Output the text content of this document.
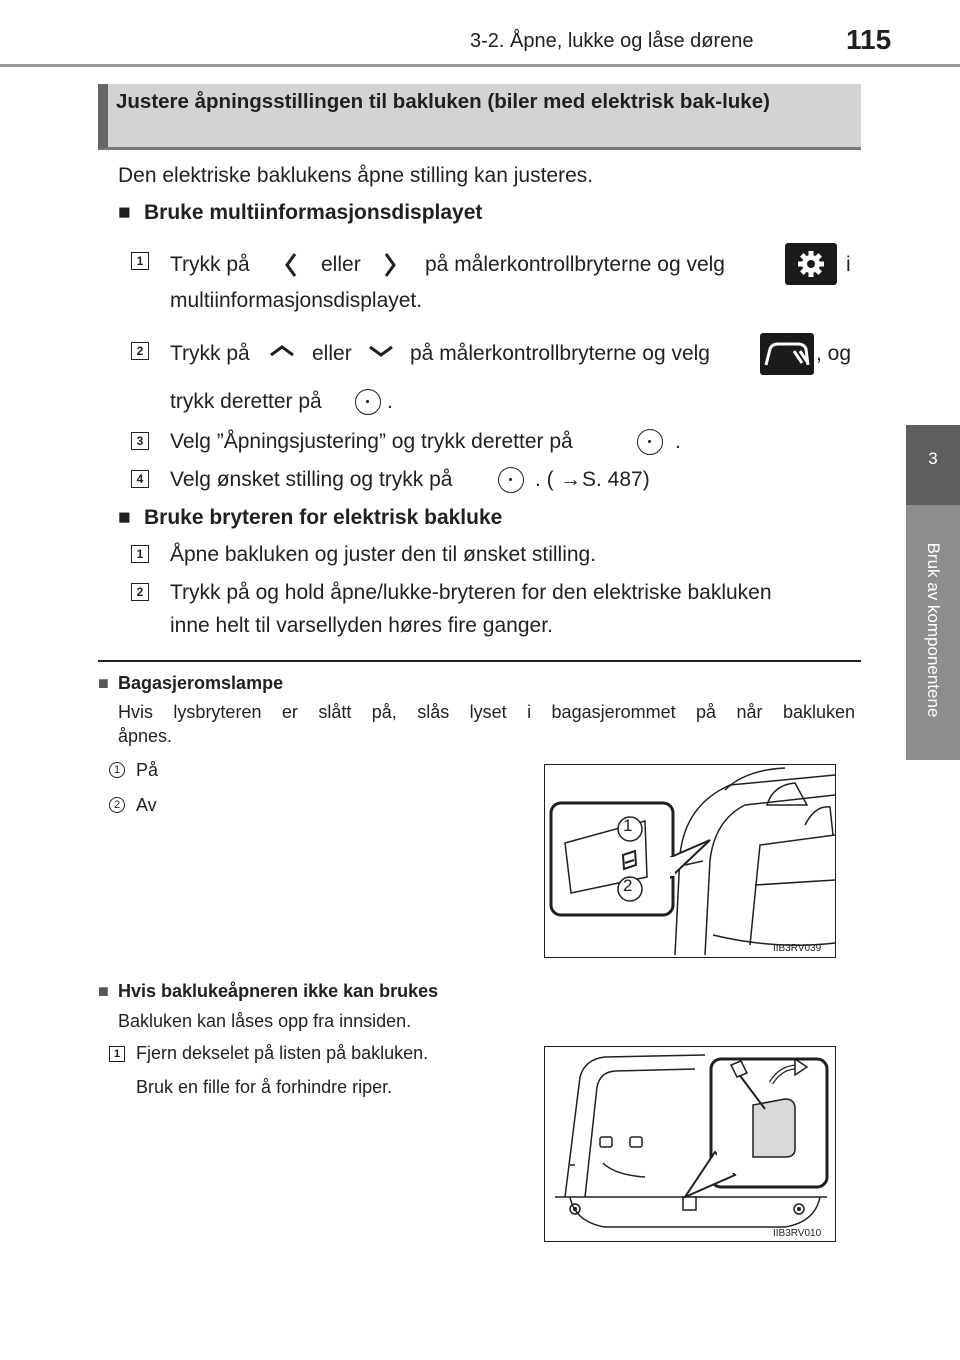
3-2. Åpne, lukke og låse dørene	115
3
Bruk av komponentene
Justere åpningsstillingen til bakluken (biler med elektrisk bak-luke)
Den elektriske baklukens åpne stilling kan justeres.
■ Bruke multiinformasjonsdisplayet
1 Trykk på	eller	på målerkontrollbryterne og velg	i
multiinformasjonsdisplayet.
2 Trykk på	eller	på målerkontrollbryterne og velg	, og
trykk deretter på	.
3 Velg ”Åpningsjustering” og trykk deretter på	.
4 Velg ønsket stilling og trykk på	. ( → S. 487)
■ Bruke bryteren for elektrisk bakluke
1 Åpne bakluken og juster den til ønsket stilling.
2 Trykk på og hold åpne/lukke-bryteren for den elektriske bakluken
inne helt til varsellyden høres fire ganger.
■ Bagasjeromslampe
Hvis lysbryteren er slått på, slås lyset i bagasjerommet på når bakluken
åpnes.
1 På
2 Av
1
2
IIB3RV039
■ Hvis baklukeåpneren ikke kan brukes
Bakluken kan låses opp fra innsiden.
1 Fjern dekselet på listen på bakluken.
Bruk en fille for å forhindre riper.
IIB3RV010
